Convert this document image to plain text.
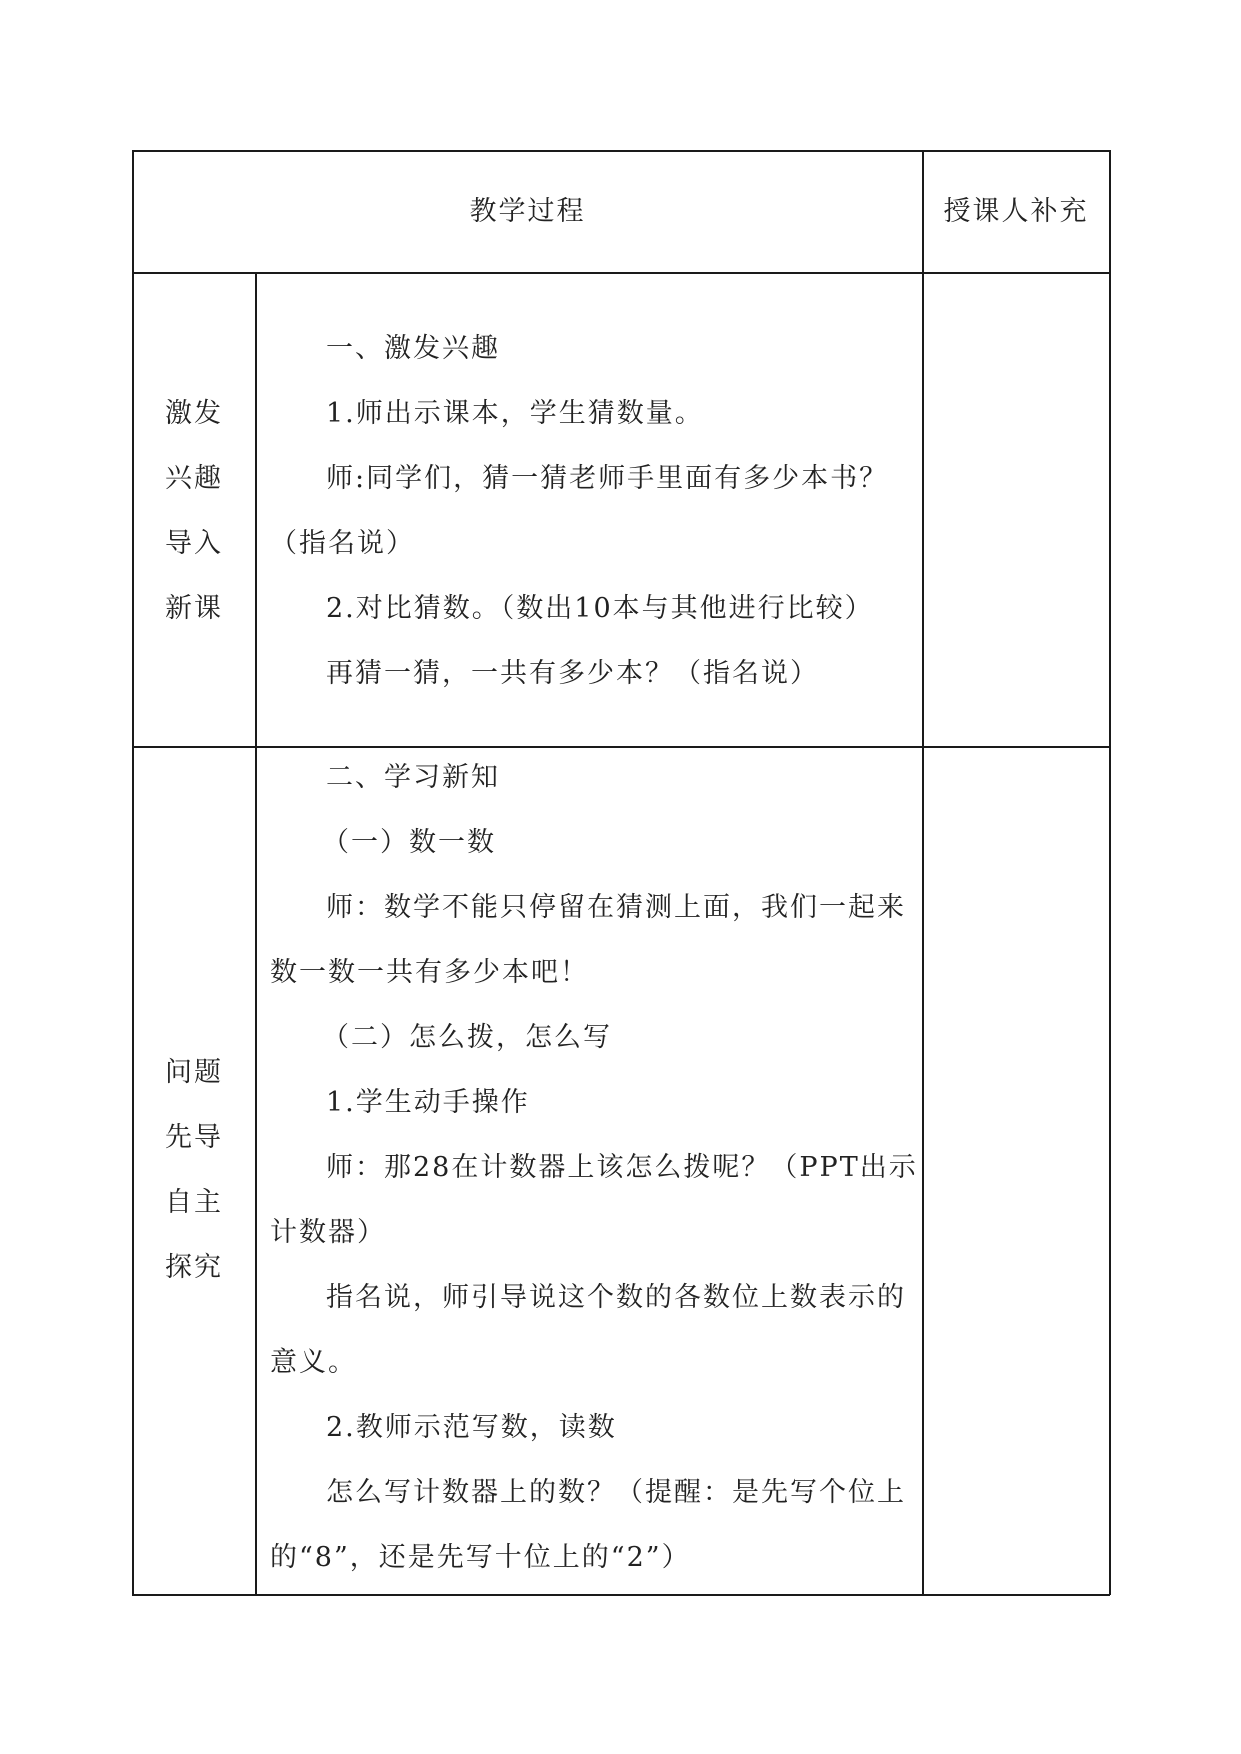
教学过程	授课人补充
激发
兴趣
导入
新课
一、激发兴趣
1.师出示课本，学生猜数量。
师:同学们，猜一猜老师手里面有多少本书？
（指名说）
2.对比猜数。（数出10本与其他进行比较）
再猜一猜，一共有多少本？（指名说）
问题
先导
自主
探究
二、学习新知
（一）数一数
师：数学不能只停留在猜测上面，我们一起来
数一数一共有多少本吧！
（二）怎么拨，怎么写
1.学生动手操作
师：那28在计数器上该怎么拨呢？（PPT出示
计数器）
指名说，师引导说这个数的各数位上数表示的
意义。
2.教师示范写数，读数
怎么写计数器上的数？（提醒：是先写个位上
的“8”，还是先写十位上的“2”）
